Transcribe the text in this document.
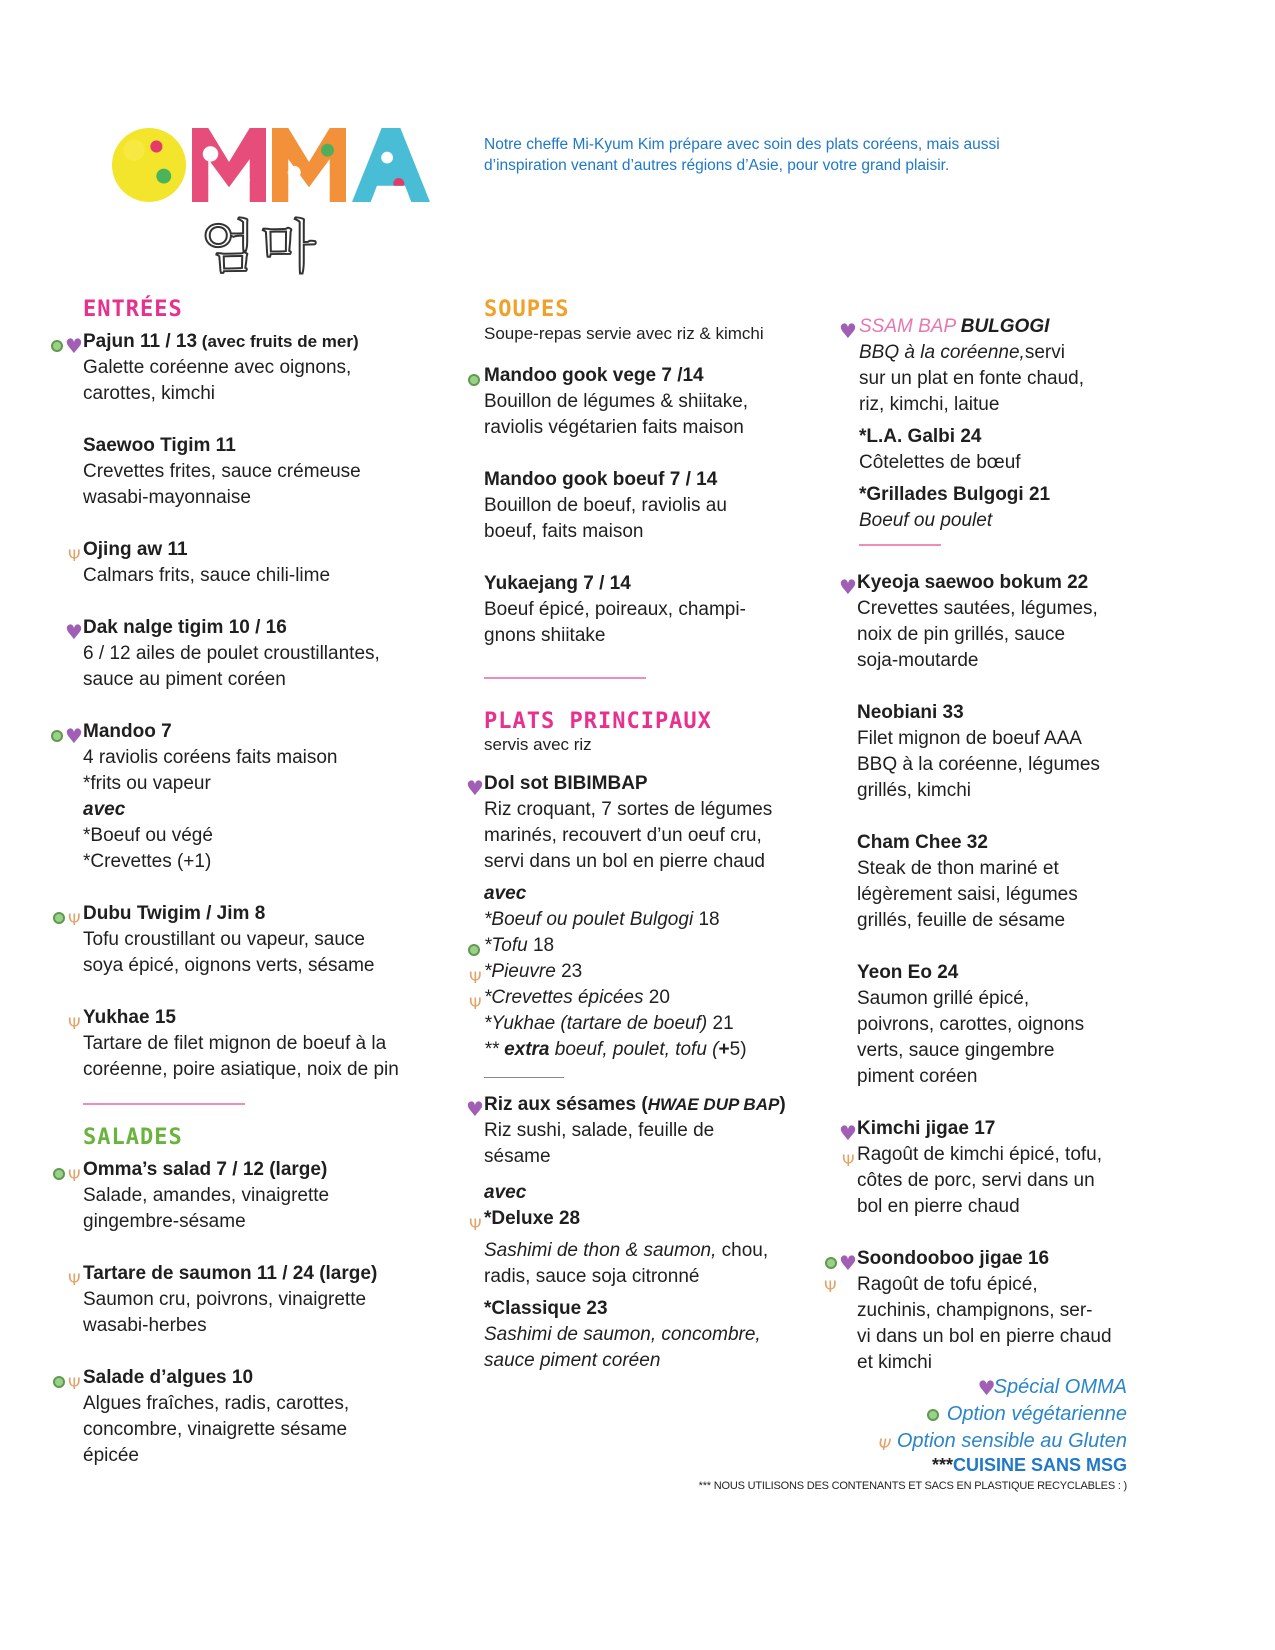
엄마
Notre cheffe Mi-Kyum Kim prépare avec soin des plats coréens, mais aussi
d’inspiration venant d’autres régions d’Asie, pour votre grand plaisir.
ENTRÉES
♥
Pajun 11 / 13 (avec fruits de mer)
Galette coréenne avec oignons,
carottes, kimchi
Saewoo Tigim 11
Crevettes frites, sauce crémeuse
wasabi-mayonnaise
Ψ
Ojing aw 11
Calmars frits, sauce chili-lime
♥
Dak nalge tigim 10 / 16
6 / 12 ailes de poulet croustillantes,
sauce au piment coréen
♥
Mandoo 7
4 raviolis coréens faits maison
*frits ou vapeur
avec
*Boeuf ou végé
*Crevettes (+1)
Ψ
Dubu Twigim / Jim 8
Tofu croustillant ou vapeur, sauce
soya épicé, oignons verts, sésame
Ψ
Yukhae 15
Tartare de filet mignon de boeuf à la
coréenne, poire asiatique, noix de pin
SALADES
Ψ
Omma’s salad 7 / 12 (large)
Salade, amandes, vinaigrette
gingembre-sésame
Ψ
Tartare de saumon 11 / 24 (large)
Saumon cru, poivrons, vinaigrette
wasabi-herbes
Ψ
Salade d’algues 10
Algues fraîches, radis, carottes,
concombre, vinaigrette sésame
épicée
SOUPES
Soupe-repas servie avec riz & kimchi
Mandoo gook vege 7 /14
Bouillon de légumes & shiitake,
raviolis végétarien faits maison
Mandoo gook boeuf 7 / 14
Bouillon de boeuf, raviolis au
boeuf, faits maison
Yukaejang 7 / 14
Boeuf épicé, poireaux, champi-
gnons shiitake
PLATS PRINCIPAUX
servis avec riz
♥
Dol sot BIBIMBAP
Riz croquant, 7 sortes de légumes
marinés, recouvert d’un oeuf cru,
servi dans un bol en pierre chaud
avec
*Boeuf ou poulet Bulgogi 18
*Tofu 18
Ψ
*Pieuvre 23
Ψ
*Crevettes épicées 20
*Yukhae (tartare de boeuf) 21
** extra boeuf, poulet, tofu (+5)
♥
Riz aux sésames (HWAE DUP BAP)
Riz sushi, salade, feuille de
sésame
avec
Ψ
*Deluxe 28
Sashimi de thon & saumon, chou,
radis, sauce soja citronné
*Classique 23
Sashimi de saumon, concombre,
sauce piment coréen
♥
SSAM BAP BULGOGI
BBQ à la coréenne,servi
sur un plat en fonte chaud,
riz, kimchi, laitue
*L.A. Galbi 24
Côtelettes de bœuf
*Grillades Bulgogi 21
Boeuf ou poulet
♥
Kyeoja saewoo bokum 22
Crevettes sautées, légumes,
noix de pin grillés, sauce
soja-moutarde
Neobiani 33
Filet mignon de boeuf AAA
BBQ à la coréenne, légumes
grillés, kimchi
Cham Chee 32
Steak de thon mariné et
légèrement saisi, légumes
grillés, feuille de sésame
Yeon Eo 24
Saumon grillé épicé,
poivrons, carottes, oignons
verts, sauce gingembre
piment coréen
♥
Ψ
Kimchi jigae 17
Ragoût de kimchi épicé, tofu,
côtes de porc, servi dans un
bol en pierre chaud
♥
Ψ
Soondooboo jigae 16
Ragoût de tofu épicé,
zuchinis, champignons, ser-
vi dans un bol en pierre chaud
et kimchi
♥Spécial OMMA
Option végétarienne
Ψ Option sensible au Gluten
***CUISINE SANS MSG
*** NOUS UTILISONS DES CONTENANTS ET SACS EN PLASTIQUE RECYCLABLES : )
